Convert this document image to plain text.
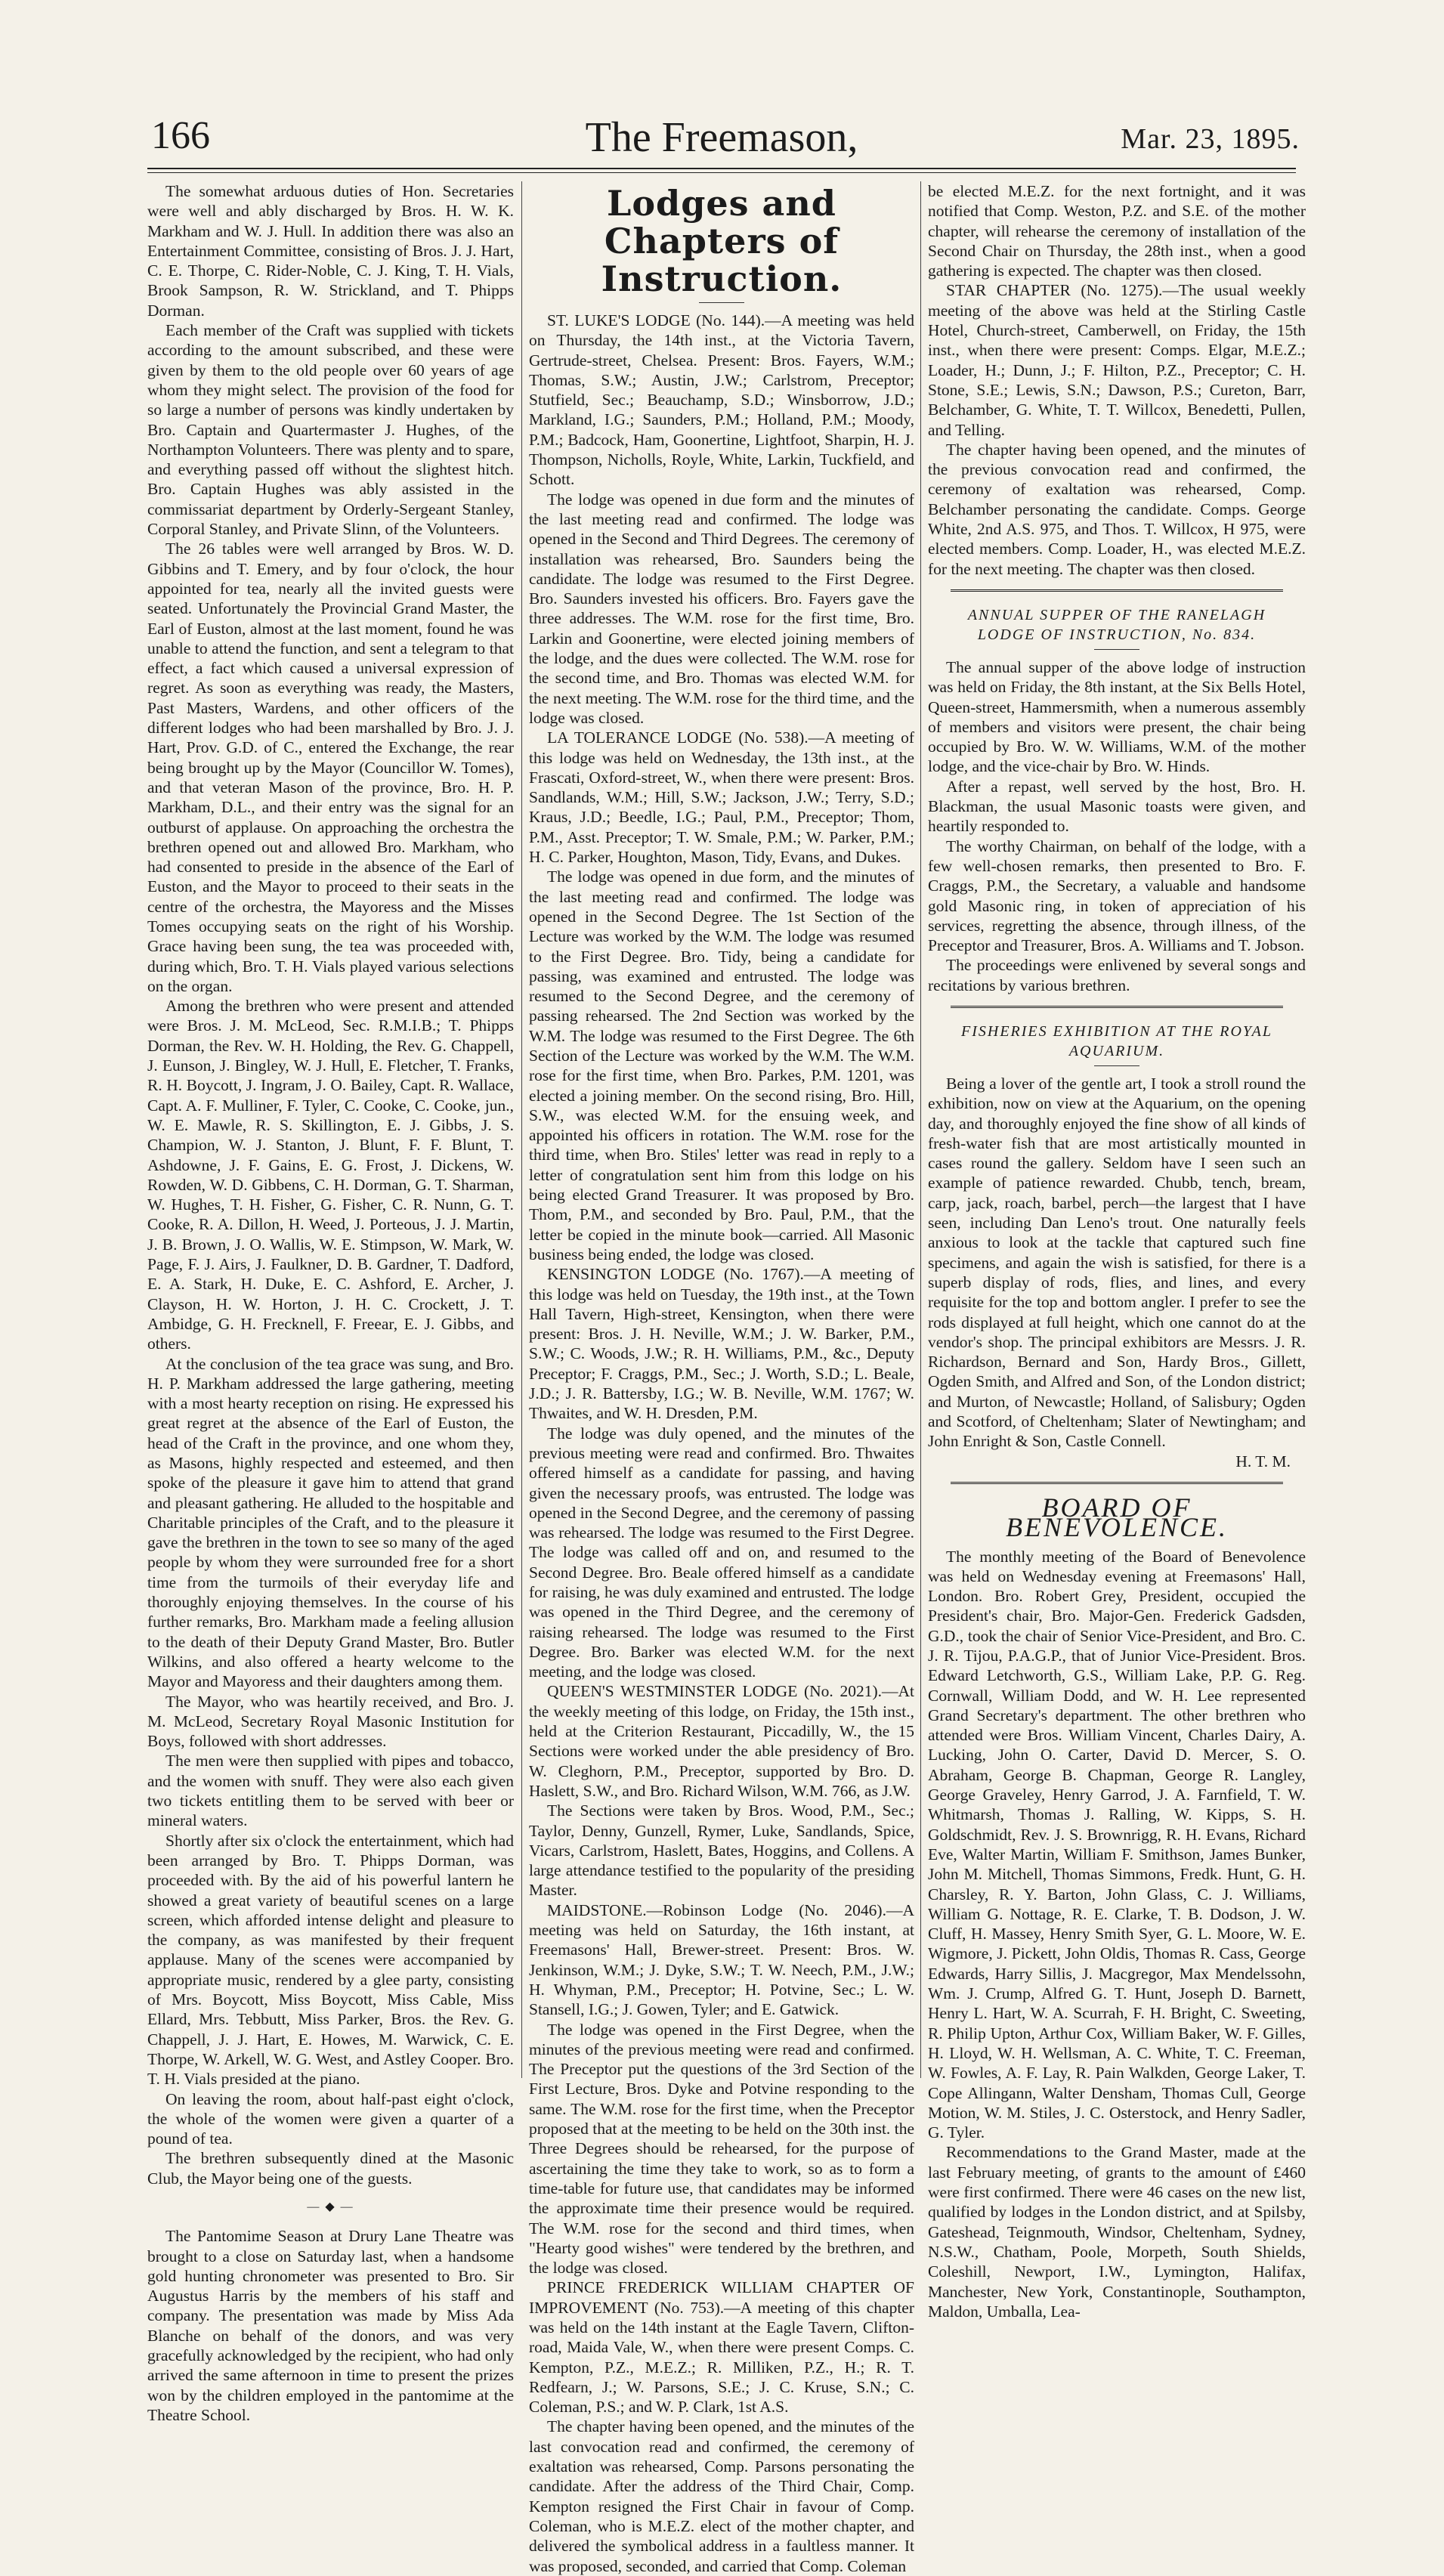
166	The Freemason,	Mar. 23, 1895.

The somewhat arduous duties of Hon. Secretaries were well and ably discharged by Bros. H. W. K. Markham and W. J. Hull. In addition there was also an Entertainment Committee, consisting of Bros. J. J. Hart, C. E. Thorpe, C. Rider-Noble, C. J. King, T. H. Vials, Brook Sampson, R. W. Strickland, and T. Phipps Dorman.

Each member of the Craft was supplied with tickets according to the amount subscribed, and these were given by them to the old people over 60 years of age whom they might select. The provision of the food for so large a number of persons was kindly undertaken by Bro. Captain and Quartermaster J. Hughes, of the Northampton Volunteers. There was plenty and to spare, and everything passed off without the slightest hitch. Bro. Captain Hughes was ably assisted in the commissariat department by Orderly-Sergeant Stanley, Corporal Stanley, and Private Slinn, of the Volunteers.

The 26 tables were well arranged by Bros. W. D. Gibbins and T. Emery, and by four o'clock, the hour appointed for tea, nearly all the invited guests were seated. Unfortunately the Provincial Grand Master, the Earl of Euston, almost at the last moment, found he was unable to attend the function, and sent a telegram to that effect, a fact which caused a universal expression of regret. As soon as everything was ready, the Masters, Past Masters, Wardens, and other officers of the different lodges who had been marshalled by Bro. J. J. Hart, Prov. G.D. of C., entered the Exchange, the rear being brought up by the Mayor (Councillor W. Tomes), and that veteran Mason of the province, Bro. H. P. Markham, D.L., and their entry was the signal for an outburst of applause. On approaching the orchestra the brethren opened out and allowed Bro. Markham, who had consented to preside in the absence of the Earl of Euston, and the Mayor to proceed to their seats in the centre of the orchestra, the Mayoress and the Misses Tomes occupying seats on the right of his Worship. Grace having been sung, the tea was proceeded with, during which, Bro. T. H. Vials played various selections on the organ.

Among the brethren who were present and attended were Bros. J. M. McLeod, Sec. R.M.I.B.; T. Phipps Dorman, the Rev. W. H. Holding, the Rev. G. Chappell, J. Eunson, J. Bingley, W. J. Hull, E. Fletcher, T. Franks, R. H. Boycott, J. Ingram, J. O. Bailey, Capt. R. Wallace, Capt. A. F. Mulliner, F. Tyler, C. Cooke, C. Cooke, jun., W. E. Mawle, R. S. Skillington, E. J. Gibbs, J. S. Champion, W. J. Stanton, J. Blunt, F. F. Blunt, T. Ashdowne, J. F. Gains, E. G. Frost, J. Dickens, W. Rowden, W. D. Gibbens, C. H. Dorman, G. T. Sharman, W. Hughes, T. H. Fisher, G. Fisher, C. R. Nunn, G. T. Cooke, R. A. Dillon, H. Weed, J. Porteous, J. J. Martin, J. B. Brown, J. O. Wallis, W. E. Stimpson, W. Mark, W. Page, F. J. Airs, J. Faulkner, D. B. Gardner, T. Dadford, E. A. Stark, H. Duke, E. C. Ashford, E. Archer, J. Clayson, H. W. Horton, J. H. C. Crockett, J. T. Ambidge, G. H. Frecknell, F. Freear, E. J. Gibbs, and others.

At the conclusion of the tea grace was sung, and Bro. H. P. Markham addressed the large gathering, meeting with a most hearty reception on rising. He expressed his great regret at the absence of the Earl of Euston, the head of the Craft in the province, and one whom they, as Masons, highly respected and esteemed, and then spoke of the pleasure it gave him to attend that grand and pleasant gathering. He alluded to the hospitable and Charitable principles of the Craft, and to the pleasure it gave the brethren in the town to see so many of the aged people by whom they were surrounded free for a short time from the turmoils of their everyday life and thoroughly enjoying themselves. In the course of his further remarks, Bro. Markham made a feeling allusion to the death of their Deputy Grand Master, Bro. Butler Wilkins, and also offered a hearty welcome to the Mayor and Mayoress and their daughters among them.

The Mayor, who was heartily received, and Bro. J. M. McLeod, Secretary Royal Masonic Institution for Boys, followed with short addresses.

The men were then supplied with pipes and tobacco, and the women with snuff. They were also each given two tickets entitling them to be served with beer or mineral waters.

Shortly after six o'clock the entertainment, which had been arranged by Bro. T. Phipps Dorman, was proceeded with. By the aid of his powerful lantern he showed a great variety of beautiful scenes on a large screen, which afforded intense delight and pleasure to the company, as was manifested by their frequent applause. Many of the scenes were accompanied by appropriate music, rendered by a glee party, consisting of Mrs. Boycott, Miss Boycott, Miss Cable, Miss Ellard, Mrs. Tebbutt, Miss Parker, Bros. the Rev. G. Chappell, J. J. Hart, E. Howes, M. Warwick, C. E. Thorpe, W. Arkell, W. G. West, and Astley Cooper. Bro. T. H. Vials presided at the piano.

On leaving the room, about half-past eight o'clock, the whole of the women were given a quarter of a pound of tea.

The brethren subsequently dined at the Masonic Club, the Mayor being one of the guests.

— ◆ —

The Pantomime Season at Drury Lane Theatre was brought to a close on Saturday last, when a handsome gold hunting chronometer was presented to Bro. Sir Augustus Harris by the members of his staff and company. The presentation was made by Miss Ada Blanche on behalf of the donors, and was very gracefully acknowledged by the recipient, who had only arrived the same afternoon in time to present the prizes won by the children employed in the pantomime at the Theatre School.

Lodges and Chapters of
Instruction.

ST. LUKE'S LODGE (No. 144).—A meeting was held on Thursday, the 14th inst., at the Victoria Tavern, Gertrude-street, Chelsea. Present: Bros. Fayers, W.M.; Thomas, S.W.; Austin, J.W.; Carlstrom, Preceptor; Stutfield, Sec.; Beauchamp, S.D.; Winsborrow, J.D.; Markland, I.G.; Saunders, P.M.; Holland, P.M.; Moody, P.M.; Badcock, Ham, Goonertine, Lightfoot, Sharpin, H. J. Thompson, Nicholls, Royle, White, Larkin, Tuckfield, and Schott.

The lodge was opened in due form and the minutes of the last meeting read and confirmed. The lodge was opened in the Second and Third Degrees. The ceremony of installation was rehearsed, Bro. Saunders being the candidate. The lodge was resumed to the First Degree. Bro. Saunders invested his officers. Bro. Fayers gave the three addresses. The W.M. rose for the first time, Bro. Larkin and Goonertine, were elected joining members of the lodge, and the dues were collected. The W.M. rose for the second time, and Bro. Thomas was elected W.M. for the next meeting. The W.M. rose for the third time, and the lodge was closed.

LA TOLERANCE LODGE (No. 538).—A meeting of this lodge was held on Wednesday, the 13th inst., at the Frascati, Oxford-street, W., when there were present: Bros. Sandlands, W.M.; Hill, S.W.; Jackson, J.W.; Terry, S.D.; Kraus, J.D.; Beedle, I.G.; Paul, P.M., Preceptor; Thom, P.M., Asst. Preceptor; T. W. Smale, P.M.; W. Parker, P.M.; H. C. Parker, Houghton, Mason, Tidy, Evans, and Dukes.

The lodge was opened in due form, and the minutes of the last meeting read and confirmed. The lodge was opened in the Second Degree. The 1st Section of the Lecture was worked by the W.M. The lodge was resumed to the First Degree. Bro. Tidy, being a candidate for passing, was examined and entrusted. The lodge was resumed to the Second Degree, and the ceremony of passing rehearsed. The 2nd Section was worked by the W.M. The lodge was resumed to the First Degree. The 6th Section of the Lecture was worked by the W.M. The W.M. rose for the first time, when Bro. Parkes, P.M. 1201, was elected a joining member. On the second rising, Bro. Hill, S.W., was elected W.M. for the ensuing week, and appointed his officers in rotation. The W.M. rose for the third time, when Bro. Stiles' letter was read in reply to a letter of congratulation sent him from this lodge on his being elected Grand Treasurer. It was proposed by Bro. Thom, P.M., and seconded by Bro. Paul, P.M., that the letter be copied in the minute book—carried. All Masonic business being ended, the lodge was closed.

KENSINGTON LODGE (No. 1767).—A meeting of this lodge was held on Tuesday, the 19th inst., at the Town Hall Tavern, High-street, Kensington, when there were present: Bros. J. H. Neville, W.M.; J. W. Barker, P.M., S.W.; C. Woods, J.W.; R. H. Williams, P.M., &c., Deputy Preceptor; F. Craggs, P.M., Sec.; J. Worth, S.D.; L. Beale, J.D.; J. R. Battersby, I.G.; W. B. Neville, W.M. 1767; W. Thwaites, and W. H. Dresden, P.M.

The lodge was duly opened, and the minutes of the previous meeting were read and confirmed. Bro. Thwaites offered himself as a candidate for passing, and having given the necessary proofs, was entrusted. The lodge was opened in the Second Degree, and the ceremony of passing was rehearsed. The lodge was resumed to the First Degree. The lodge was called off and on, and resumed to the Second Degree. Bro. Beale offered himself as a candidate for raising, he was duly examined and entrusted. The lodge was opened in the Third Degree, and the ceremony of raising rehearsed. The lodge was resumed to the First Degree. Bro. Barker was elected W.M. for the next meeting, and the lodge was closed.

QUEEN'S WESTMINSTER LODGE (No. 2021).—At the weekly meeting of this lodge, on Friday, the 15th inst., held at the Criterion Restaurant, Piccadilly, W., the 15 Sections were worked under the able presidency of Bro. W. Cleghorn, P.M., Preceptor, supported by Bro. D. Haslett, S.W., and Bro. Richard Wilson, W.M. 766, as J.W.

The Sections were taken by Bros. Wood, P.M., Sec.; Taylor, Denny, Gunzell, Rymer, Luke, Sandlands, Spice, Vicars, Carlstrom, Haslett, Bates, Hoggins, and Collens. A large attendance testified to the popularity of the presiding Master.

MAIDSTONE.—Robinson Lodge (No. 2046).—A meeting was held on Saturday, the 16th instant, at Freemasons' Hall, Brewer-street. Present: Bros. W. Jenkinson, W.M.; J. Dyke, S.W.; T. W. Neech, P.M., J.W.; H. Whyman, P.M., Preceptor; H. Potvine, Sec.; L. W. Stansell, I.G.; J. Gowen, Tyler; and E. Gatwick.

The lodge was opened in the First Degree, when the minutes of the previous meeting were read and confirmed. The Preceptor put the questions of the 3rd Section of the First Lecture, Bros. Dyke and Potvine responding to the same. The W.M. rose for the first time, when the Preceptor proposed that at the meeting to be held on the 30th inst. the Three Degrees should be rehearsed, for the purpose of ascertaining the time they take to work, so as to form a time-table for future use, that candidates may be informed the approximate time their presence would be required. The W.M. rose for the second and third times, when "Hearty good wishes" were tendered by the brethren, and the lodge was closed.

PRINCE FREDERICK WILLIAM CHAPTER OF IMPROVEMENT (No. 753).—A meeting of this chapter was held on the 14th instant at the Eagle Tavern, Clifton-road, Maida Vale, W., when there were present Comps. C. Kempton, P.Z., M.E.Z.; R. Milliken, P.Z., H.; R. T. Redfearn, J.; W. Parsons, S.E.; J. C. Kruse, S.N.; C. Coleman, P.S.; and W. P. Clark, 1st A.S.

The chapter having been opened, and the minutes of the last convocation read and confirmed, the ceremony of exaltation was rehearsed, Comp. Parsons personating the candidate. After the address of the Third Chair, Comp. Kempton resigned the First Chair in favour of Comp. Coleman, who is M.E.Z. elect of the mother chapter, and delivered the symbolical address in a faultless manner. It was proposed, seconded, and carried that Comp. Coleman

be elected M.E.Z. for the next fortnight, and it was notified that Comp. Weston, P.Z. and S.E. of the mother chapter, will rehearse the ceremony of installation of the Second Chair on Thursday, the 28th inst., when a good gathering is expected. The chapter was then closed.

STAR CHAPTER (No. 1275).—The usual weekly meeting of the above was held at the Stirling Castle Hotel, Church-street, Camberwell, on Friday, the 15th inst., when there were present: Comps. Elgar, M.E.Z.; Loader, H.; Dunn, J.; F. Hilton, P.Z., Preceptor; C. H. Stone, S.E.; Lewis, S.N.; Dawson, P.S.; Cureton, Barr, Belchamber, G. White, T. T. Willcox, Benedetti, Pullen, and Telling.

The chapter having been opened, and the minutes of the previous convocation read and confirmed, the ceremony of exaltation was rehearsed, Comp. Belchamber personating the candidate. Comps. George White, 2nd A.S. 975, and Thos. T. Willcox, H 975, were elected members. Comp. Loader, H., was elected M.E.Z. for the next meeting. The chapter was then closed.

ANNUAL SUPPER OF THE RANELAGH
LODGE OF INSTRUCTION, No. 834.

The annual supper of the above lodge of instruction was held on Friday, the 8th instant, at the Six Bells Hotel, Queen-street, Hammersmith, when a numerous assembly of members and visitors were present, the chair being occupied by Bro. W. W. Williams, W.M. of the mother lodge, and the vice-chair by Bro. W. Hinds.

After a repast, well served by the host, Bro. H. Blackman, the usual Masonic toasts were given, and heartily responded to.

The worthy Chairman, on behalf of the lodge, with a few well-chosen remarks, then presented to Bro. F. Craggs, P.M., the Secretary, a valuable and handsome gold Masonic ring, in token of appreciation of his services, regretting the absence, through illness, of the Preceptor and Treasurer, Bros. A. Williams and T. Jobson.

The proceedings were enlivened by several songs and recitations by various brethren.

FISHERIES EXHIBITION AT THE ROYAL
AQUARIUM.

Being a lover of the gentle art, I took a stroll round the exhibition, now on view at the Aquarium, on the opening day, and thoroughly enjoyed the fine show of all kinds of fresh-water fish that are most artistically mounted in cases round the gallery. Seldom have I seen such an example of patience rewarded. Chubb, tench, bream, carp, jack, roach, barbel, perch—the largest that I have seen, including Dan Leno's trout. One naturally feels anxious to look at the tackle that captured such fine specimens, and again the wish is satisfied, for there is a superb display of rods, flies, and lines, and every requisite for the top and bottom angler. I prefer to see the rods displayed at full height, which one cannot do at the vendor's shop. The principal exhibitors are Messrs. J. R. Richardson, Bernard and Son, Hardy Bros., Gillett, Ogden Smith, and Alfred and Son, of the London district; and Murton, of Newcastle; Holland, of Salisbury; Ogden and Scotford, of Cheltenham; Slater of Newtingham; and John Enright & Son, Castle Connell.

H. T. M.
BOARD OF BENEVOLENCE.

The monthly meeting of the Board of Benevolence was held on Wednesday evening at Freemasons' Hall, London. Bro. Robert Grey, President, occupied the President's chair, Bro. Major-Gen. Frederick Gadsden, G.D., took the chair of Senior Vice-President, and Bro. C. J. R. Tijou, P.A.G.P., that of Junior Vice-President. Bros. Edward Letchworth, G.S., William Lake, P.P. G. Reg. Cornwall, William Dodd, and W. H. Lee represented Grand Secretary's department. The other brethren who attended were Bros. William Vincent, Charles Dairy, A. Lucking, John O. Carter, David D. Mercer, S. O. Abraham, George B. Chapman, George R. Langley, George Graveley, Henry Garrod, J. A. Farnfield, T. W. Whitmarsh, Thomas J. Ralling, W. Kipps, S. H. Goldschmidt, Rev. J. S. Brownrigg, R. H. Evans, Richard Eve, Walter Martin, William F. Smithson, James Bunker, John M. Mitchell, Thomas Simmons, Fredk. Hunt, G. H. Charsley, R. Y. Barton, John Glass, C. J. Williams, William G. Nottage, R. E. Clarke, T. B. Dodson, J. W. Cluff, H. Massey, Henry Smith Syer, G. L. Moore, W. E. Wigmore, J. Pickett, John Oldis, Thomas R. Cass, George Edwards, Harry Sillis, J. Macgregor, Max Mendelssohn, Wm. J. Crump, Alfred G. T. Hunt, Joseph D. Barnett, Henry L. Hart, W. A. Scurrah, F. H. Bright, C. Sweeting, R. Philip Upton, Arthur Cox, William Baker, W. F. Gilles, H. Lloyd, W. H. Wellsman, A. C. White, T. C. Freeman, W. Fowles, A. F. Lay, R. Pain Walkden, George Laker, T. Cope Allingann, Walter Densham, Thomas Cull, George Motion, W. M. Stiles, J. C. Osterstock, and Henry Sadler, G. Tyler.

Recommendations to the Grand Master, made at the last February meeting, of grants to the amount of £460 were first confirmed. There were 46 cases on the new list, qualified by lodges in the London district, and at Spilsby, Gateshead, Teignmouth, Windsor, Cheltenham, Sydney, N.S.W., Chatham, Poole, Morpeth, South Shields, Coleshill, Newport, I.W., Lymington, Halifax, Manchester, New York, Constantinople, Southampton, Maldon, Umballa, Lea-
